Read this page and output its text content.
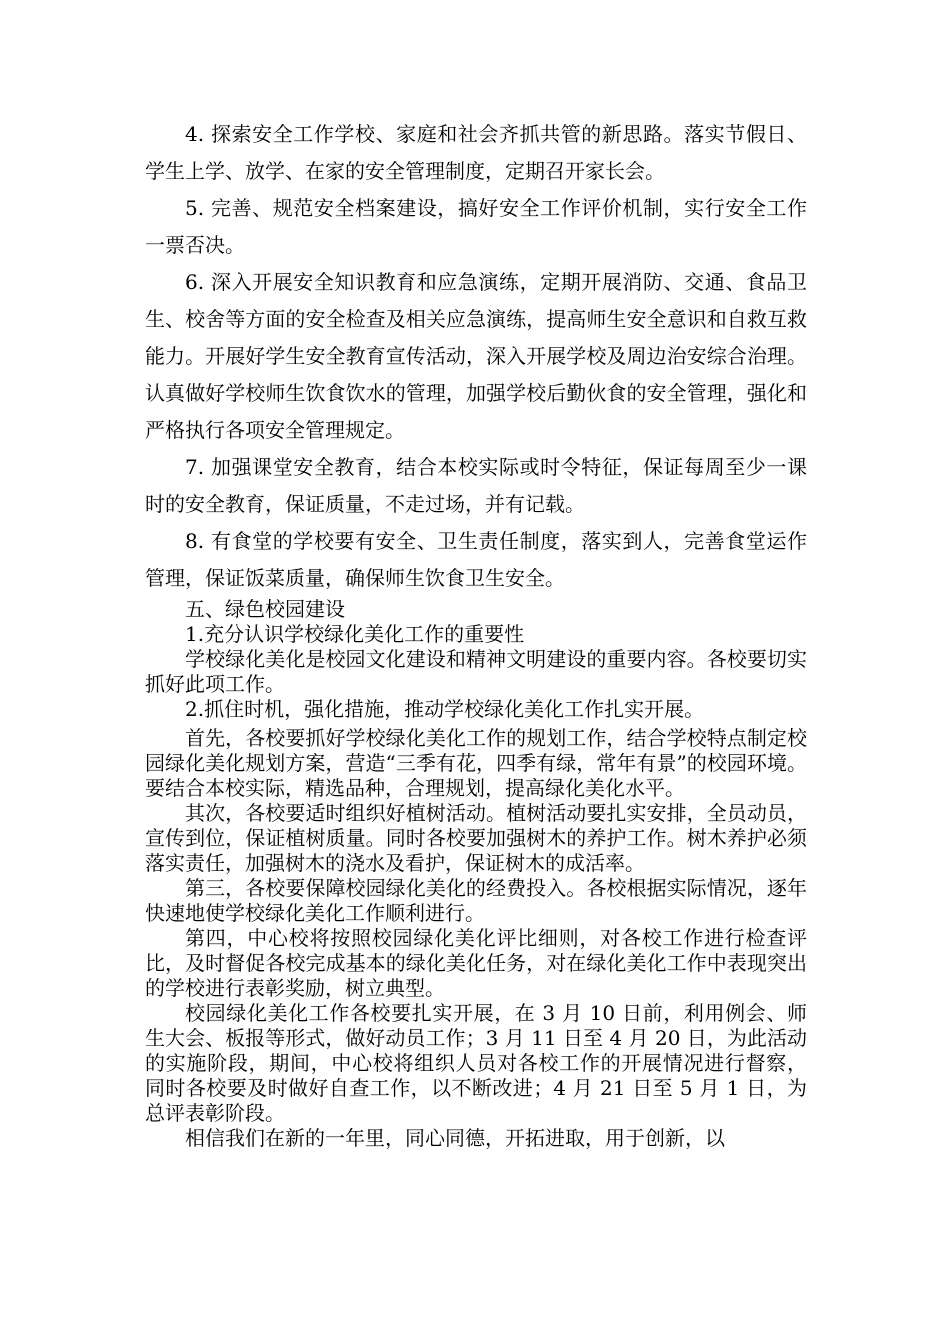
4. 探索安全工作学校、家庭和社会齐抓共管的新思路。落实节假日、学生上学、放学、在家的安全管理制度，定期召开家长会。

5. 完善、规范安全档案建设，搞好安全工作评价机制，实行安全工作一票否决。

6. 深入开展安全知识教育和应急演练，定期开展消防、交通、食品卫生、校舍等方面的安全检查及相关应急演练，提高师生安全意识和自救互救能力。开展好学生安全教育宣传活动，深入开展学校及周边治安综合治理。认真做好学校师生饮食饮水的管理，加强学校后勤伙食的安全管理，强化和严格执行各项安全管理规定。

7. 加强课堂安全教育，结合本校实际或时令特征，保证每周至少一课时的安全教育，保证质量，不走过场，并有记载。

8. 有食堂的学校要有安全、卫生责任制度，落实到人，完善食堂运作管理，保证饭菜质量，确保师生饮食卫生安全。

五、绿色校园建设

1.充分认识学校绿化美化工作的重要性

学校绿化美化是校园文化建设和精神文明建设的重要内容。各校要切实抓好此项工作。

2.抓住时机，强化措施，推动学校绿化美化工作扎实开展。

首先，各校要抓好学校绿化美化工作的规划工作，结合学校特点制定校园绿化美化规划方案，营造“三季有花，四季有绿，常年有景”的校园环境。要结合本校实际，精选品种，合理规划，提高绿化美化水平。

其次，各校要适时组织好植树活动。植树活动要扎实安排，全员动员，宣传到位，保证植树质量。同时各校要加强树木的养护工作。树木养护必须落实责任，加强树木的浇水及看护，保证树木的成活率。

第三，各校要保障校园绿化美化的经费投入。各校根据实际情况，逐年快速地使学校绿化美化工作顺利进行。

第四，中心校将按照校园绿化美化评比细则，对各校工作进行检查评比，及时督促各校完成基本的绿化美化任务，对在绿化美化工作中表现突出的学校进行表彰奖励，树立典型。

校园绿化美化工作各校要扎实开展，在 3 月 10 日前，利用例会、师生大会、板报等形式，做好动员工作；3 月 11 日至 4 月 20 日，为此活动的实施阶段，期间，中心校将组织人员对各校工作的开展情况进行督察， 同时各校要及时做好自查工作，以不断改进；4 月 21 日至 5 月 1 日，为总评表彰阶段。

相信我们在新的一年里，同心同德，开拓进取，用于创新，以
